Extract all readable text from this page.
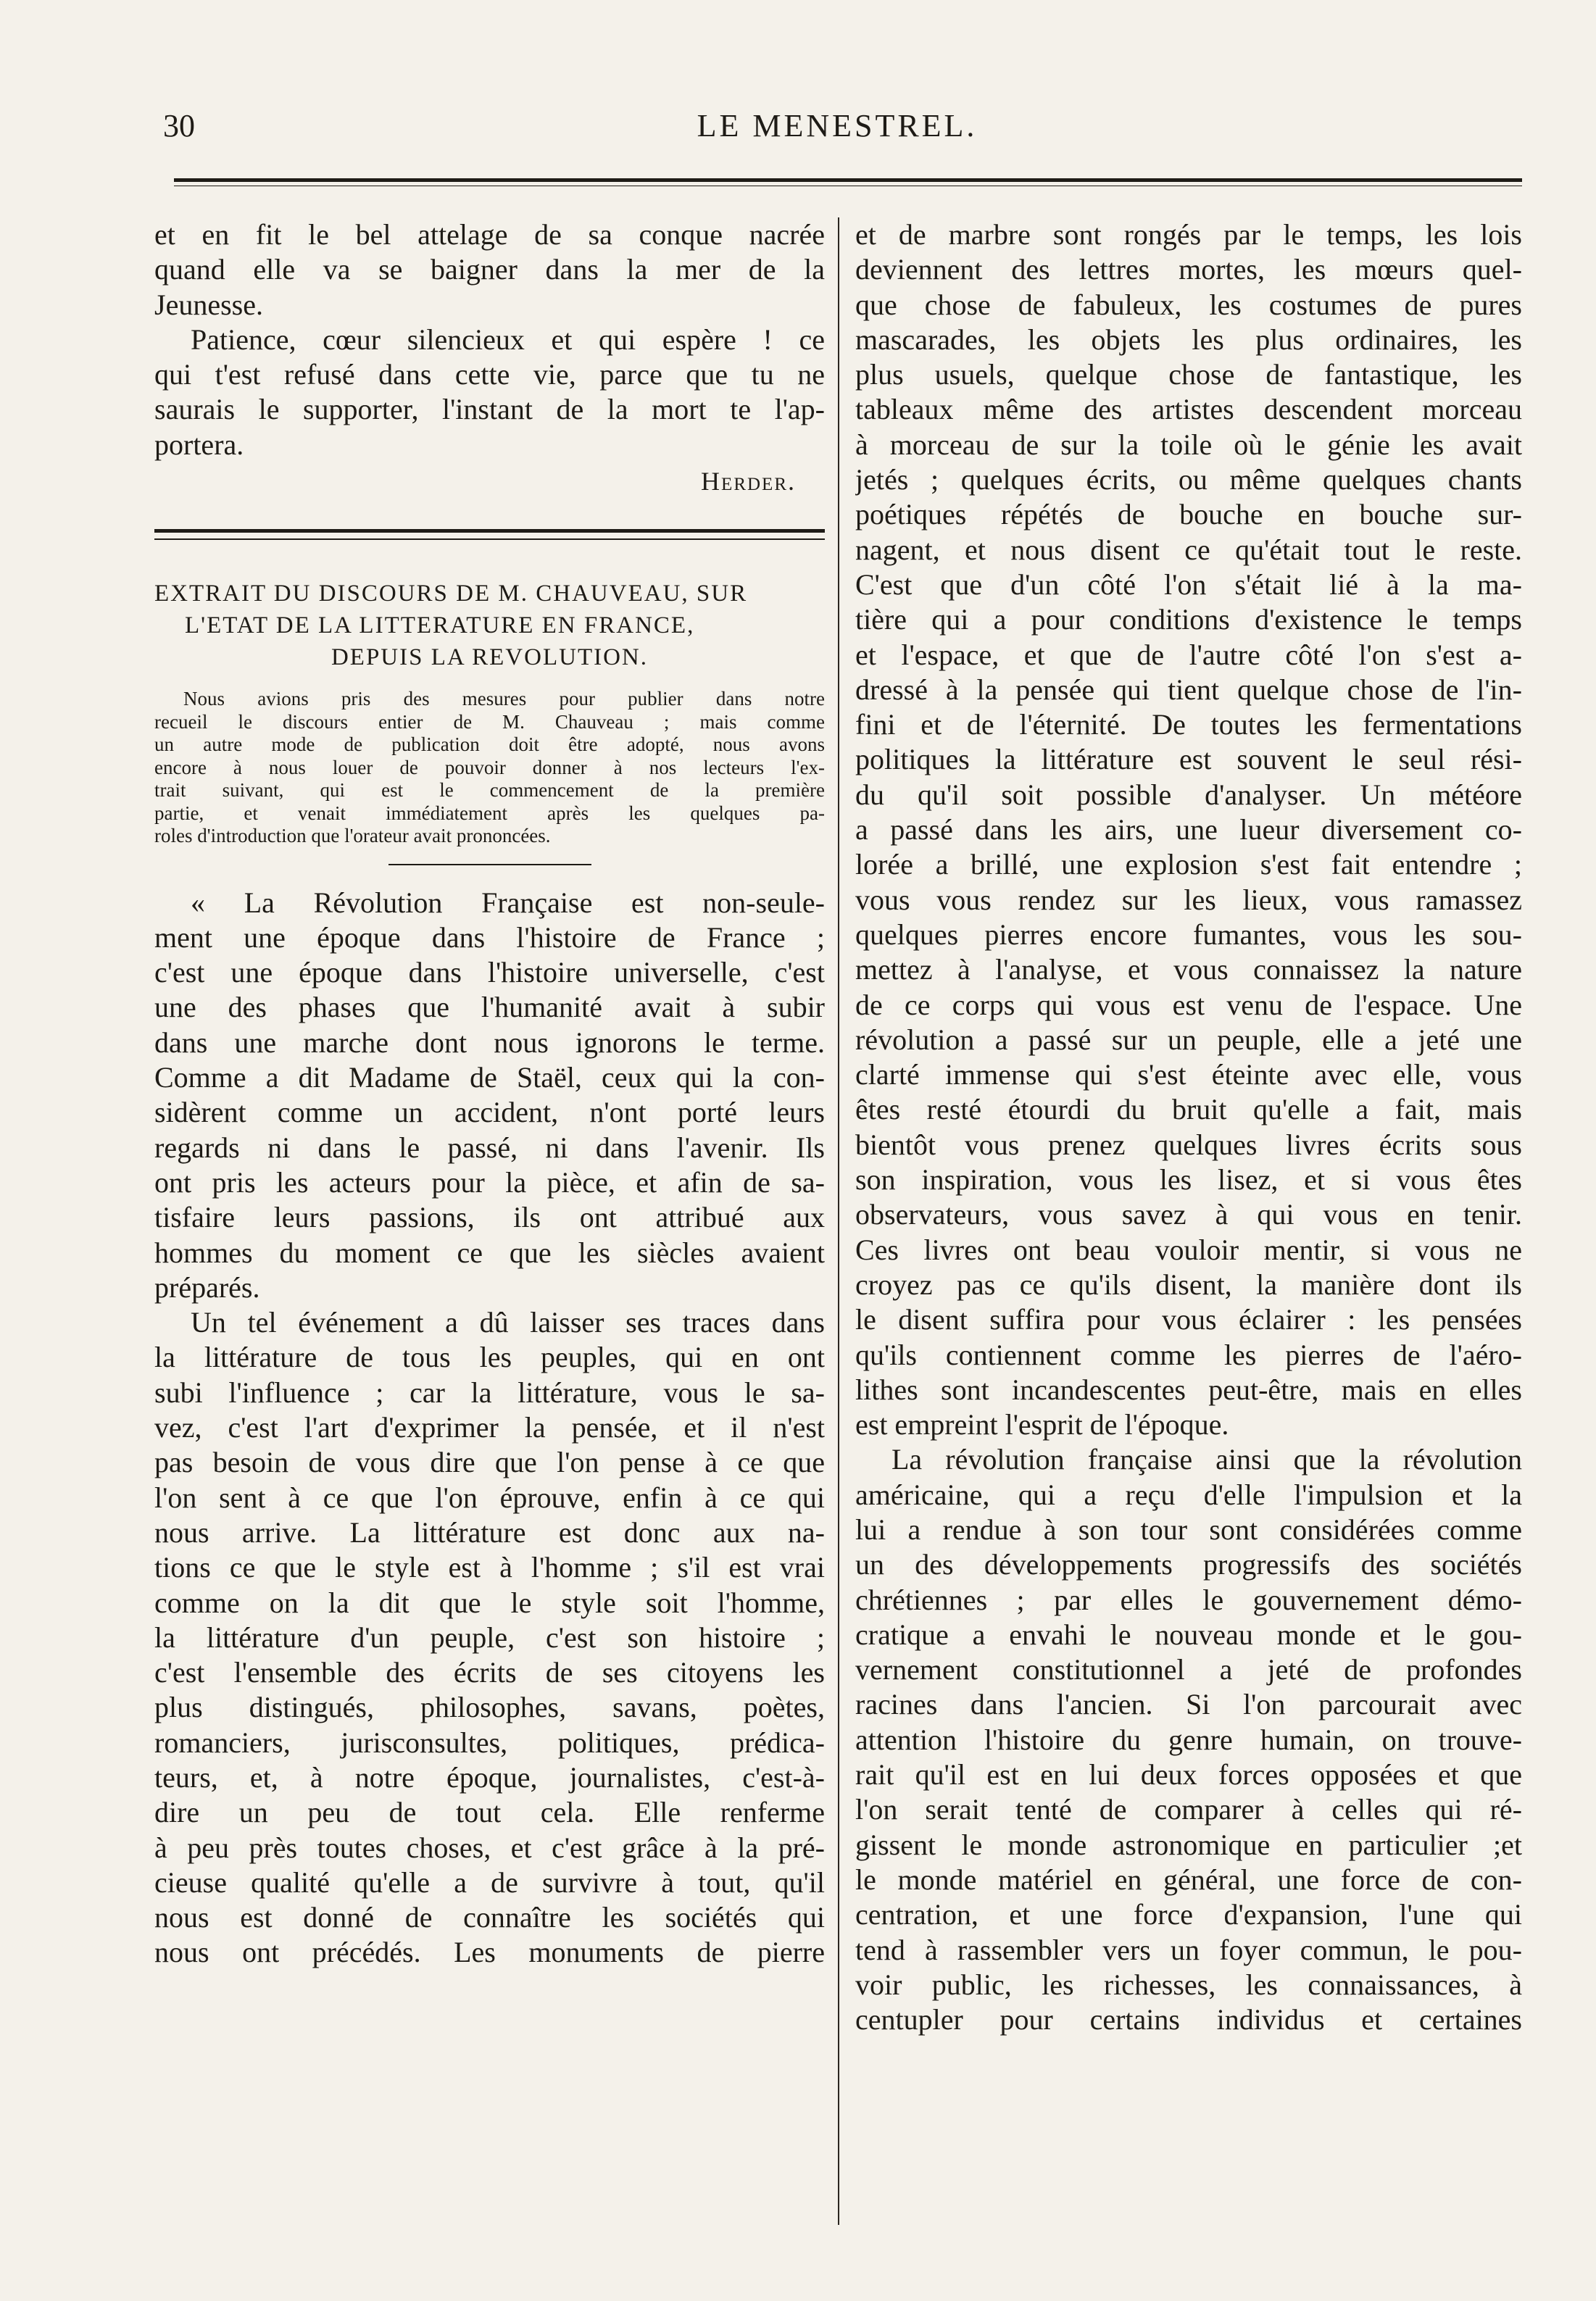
30	LE MENESTREL.
et en fit le bel attelage de sa conque nacrée
quand elle va se baigner dans la mer de la
Jeunesse.
Patience, cœur silencieux et qui espère ! ce
qui t'est refusé dans cette vie, parce que tu ne
saurais le supporter, l'instant de la mort te l'ap-
portera.
Herder.
EXTRAIT DU DISCOURS DE M. CHAUVEAU, SUR
L'ETAT DE LA LITTERATURE EN FRANCE,
DEPUIS LA REVOLUTION.
Nous avions pris des mesures pour publier dans notre
recueil le discours entier de M. Chauveau ; mais comme
un autre mode de publication doit être adopté, nous avons
encore à nous louer de pouvoir donner à nos lecteurs l'ex-
trait suivant, qui est le commencement de la première
partie, et venait immédiatement après les quelques pa-
roles d'introduction que l'orateur avait prononcées.
« La Révolution Française est non-seule-
ment une époque dans l'histoire de France ;
c'est une époque dans l'histoire universelle, c'est
une des phases que l'humanité avait à subir
dans une marche dont nous ignorons le terme.
Comme a dit Madame de Staël, ceux qui la con-
sidèrent comme un accident, n'ont porté leurs
regards ni dans le passé, ni dans l'avenir. Ils
ont pris les acteurs pour la pièce, et afin de sa-
tisfaire leurs passions, ils ont attribué aux
hommes du moment ce que les siècles avaient
préparés.
Un tel événement a dû laisser ses traces dans
la littérature de tous les peuples, qui en ont
subi l'influence ; car la littérature, vous le sa-
vez, c'est l'art d'exprimer la pensée, et il n'est
pas besoin de vous dire que l'on pense à ce que
l'on sent à ce que l'on éprouve, enfin à ce qui
nous arrive. La littérature est donc aux na-
tions ce que le style est à l'homme ; s'il est vrai
comme on la dit que le style soit l'homme,
la littérature d'un peuple, c'est son histoire ;
c'est l'ensemble des écrits de ses citoyens les
plus distingués, philosophes, savans, poètes,
romanciers, jurisconsultes, politiques, prédica-
teurs, et, à notre époque, journalistes, c'est-à-
dire un peu de tout cela. Elle renferme
à peu près toutes choses, et c'est grâce à la pré-
cieuse qualité qu'elle a de survivre à tout, qu'il
nous est donné de connaître les sociétés qui
nous ont précédés. Les monuments de pierre
et de marbre sont rongés par le temps, les lois
deviennent des lettres mortes, les mœurs quel-
que chose de fabuleux, les costumes de pures
mascarades, les objets les plus ordinaires, les
plus usuels, quelque chose de fantastique, les
tableaux même des artistes descendent morceau
à morceau de sur la toile où le génie les avait
jetés ; quelques écrits, ou même quelques chants
poétiques répétés de bouche en bouche sur-
nagent, et nous disent ce qu'était tout le reste.
C'est que d'un côté l'on s'était lié à la ma-
tière qui a pour conditions d'existence le temps
et l'espace, et que de l'autre côté l'on s'est a-
dressé à la pensée qui tient quelque chose de l'in-
fini et de l'éternité. De toutes les fermentations
politiques la littérature est souvent le seul rési-
du qu'il soit possible d'analyser. Un météore
a passé dans les airs, une lueur diversement co-
lorée a brillé, une explosion s'est fait entendre ;
vous vous rendez sur les lieux, vous ramassez
quelques pierres encore fumantes, vous les sou-
mettez à l'analyse, et vous connaissez la nature
de ce corps qui vous est venu de l'espace. Une
révolution a passé sur un peuple, elle a jeté une
clarté immense qui s'est éteinte avec elle, vous
êtes resté étourdi du bruit qu'elle a fait, mais
bientôt vous prenez quelques livres écrits sous
son inspiration, vous les lisez, et si vous êtes
observateurs, vous savez à qui vous en tenir.
Ces livres ont beau vouloir mentir, si vous ne
croyez pas ce qu'ils disent, la manière dont ils
le disent suffira pour vous éclairer : les pensées
qu'ils contiennent comme les pierres de l'aéro-
lithes sont incandescentes peut-être, mais en elles
est empreint l'esprit de l'époque.
La révolution française ainsi que la révolution
américaine, qui a reçu d'elle l'impulsion et la
lui a rendue à son tour sont considérées comme
un des développements progressifs des sociétés
chrétiennes ; par elles le gouvernement démo-
cratique a envahi le nouveau monde et le gou-
vernement constitutionnel a jeté de profondes
racines dans l'ancien. Si l'on parcourait avec
attention l'histoire du genre humain, on trouve-
rait qu'il est en lui deux forces opposées et que
l'on serait tenté de comparer à celles qui ré-
gissent le monde astronomique en particulier ;et
le monde matériel en général, une force de con-
centration, et une force d'expansion, l'une qui
tend à rassembler vers un foyer commun, le pou-
voir public, les richesses, les connaissances, à
centupler pour certains individus et certaines
